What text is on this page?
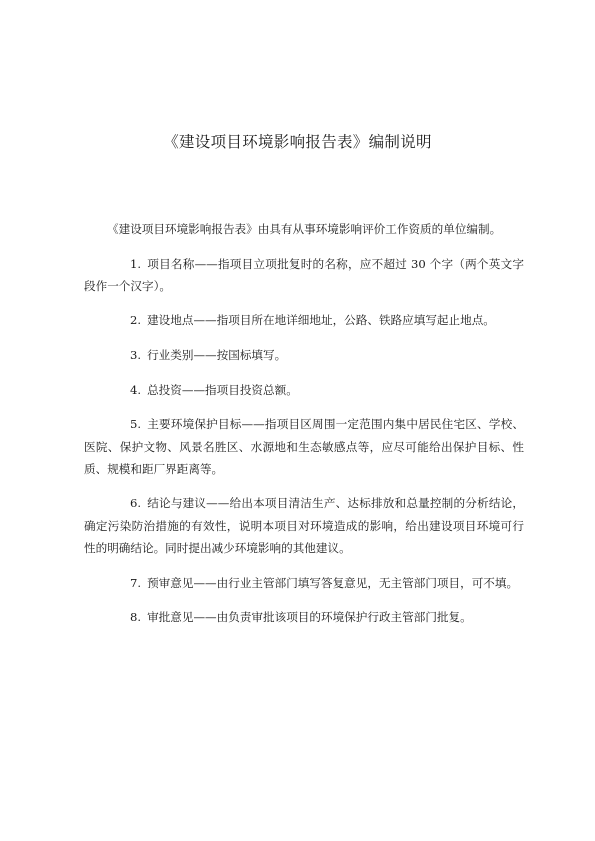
《建设项目环境影响报告表》编制说明

《建设项目环境影响报告表》由具有从事环境影响评价工作资质的单位编制。

1. 项目名称——指项目立项批复时的名称，应不超过 30 个字（两个英文字段作一个汉字）。

2. 建设地点——指项目所在地详细地址，公路、铁路应填写起止地点。

3. 行业类别——按国标填写。

4. 总投资——指项目投资总额。

5. 主要环境保护目标——指项目区周围一定范围内集中居民住宅区、学校、医院、保护文物、风景名胜区、水源地和生态敏感点等，应尽可能给出保护目标、性质、规模和距厂界距离等。

6. 结论与建议——给出本项目清洁生产、达标排放和总量控制的分析结论，确定污染防治措施的有效性，说明本项目对环境造成的影响，给出建设项目环境可行性的明确结论。同时提出减少环境影响的其他建议。

7. 预审意见——由行业主管部门填写答复意见，无主管部门项目，可不填。

8. 审批意见——由负责审批该项目的环境保护行政主管部门批复。
